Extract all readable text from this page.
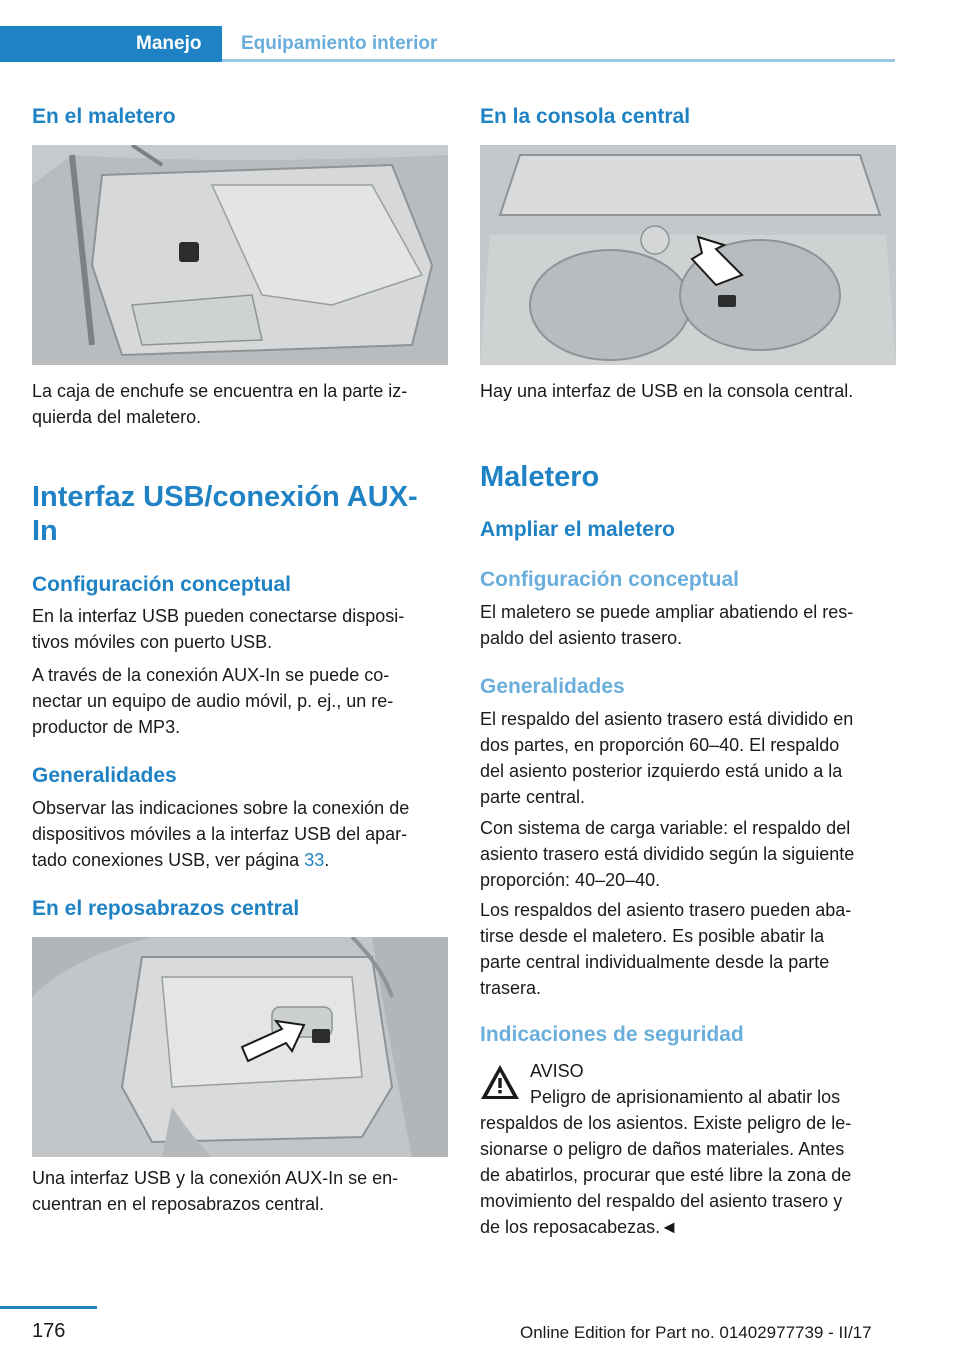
Manejo Equipamiento interior
En el maletero

La caja de enchufe se encuentra en la parte iz-
quierda del maletero.

Interfaz USB/conexión AUX-
In
Configuración conceptual

En la interfaz USB pueden conectarse disposi-
tivos móviles con puerto USB.

A través de la conexión AUX-In se puede co-
nectar un equipo de audio móvil, p. ej., un re-
productor de MP3.

Generalidades

Observar las indicaciones sobre la conexión de
dispositivos móviles a la interfaz USB del apar-
tado conexiones USB, ver página 33.

En el reposabrazos central

Una interfaz USB y la conexión AUX-In se en-
cuentran en el reposabrazos central.

En la consola central

Hay una interfaz de USB en la consola central.

Maletero
Ampliar el maletero
Configuración conceptual

El maletero se puede ampliar abatiendo el res-
paldo del asiento trasero.

Generalidades

El respaldo del asiento trasero está dividido en
dos partes, en proporción 60–40. El respaldo
del asiento posterior izquierdo está unido a la
parte central.

Con sistema de carga variable: el respaldo del
asiento trasero está dividido según la siguiente
proporción: 40–20–40.

Los respaldos del asiento trasero pueden aba-
tirse desde el maletero. Es posible abatir la
parte central individualmente desde la parte
trasera.

Indicaciones de seguridad

AVISO
Peligro de aprisionamiento al abatir los
respaldos de los asientos. Existe peligro de le-
sionarse o peligro de daños materiales. Antes
de abatirlos, procurar que esté libre la zona de
movimiento del respaldo del asiento trasero y
de los reposacabezas.◄

176	Online Edition for Part no. 01402977739 - II/17
